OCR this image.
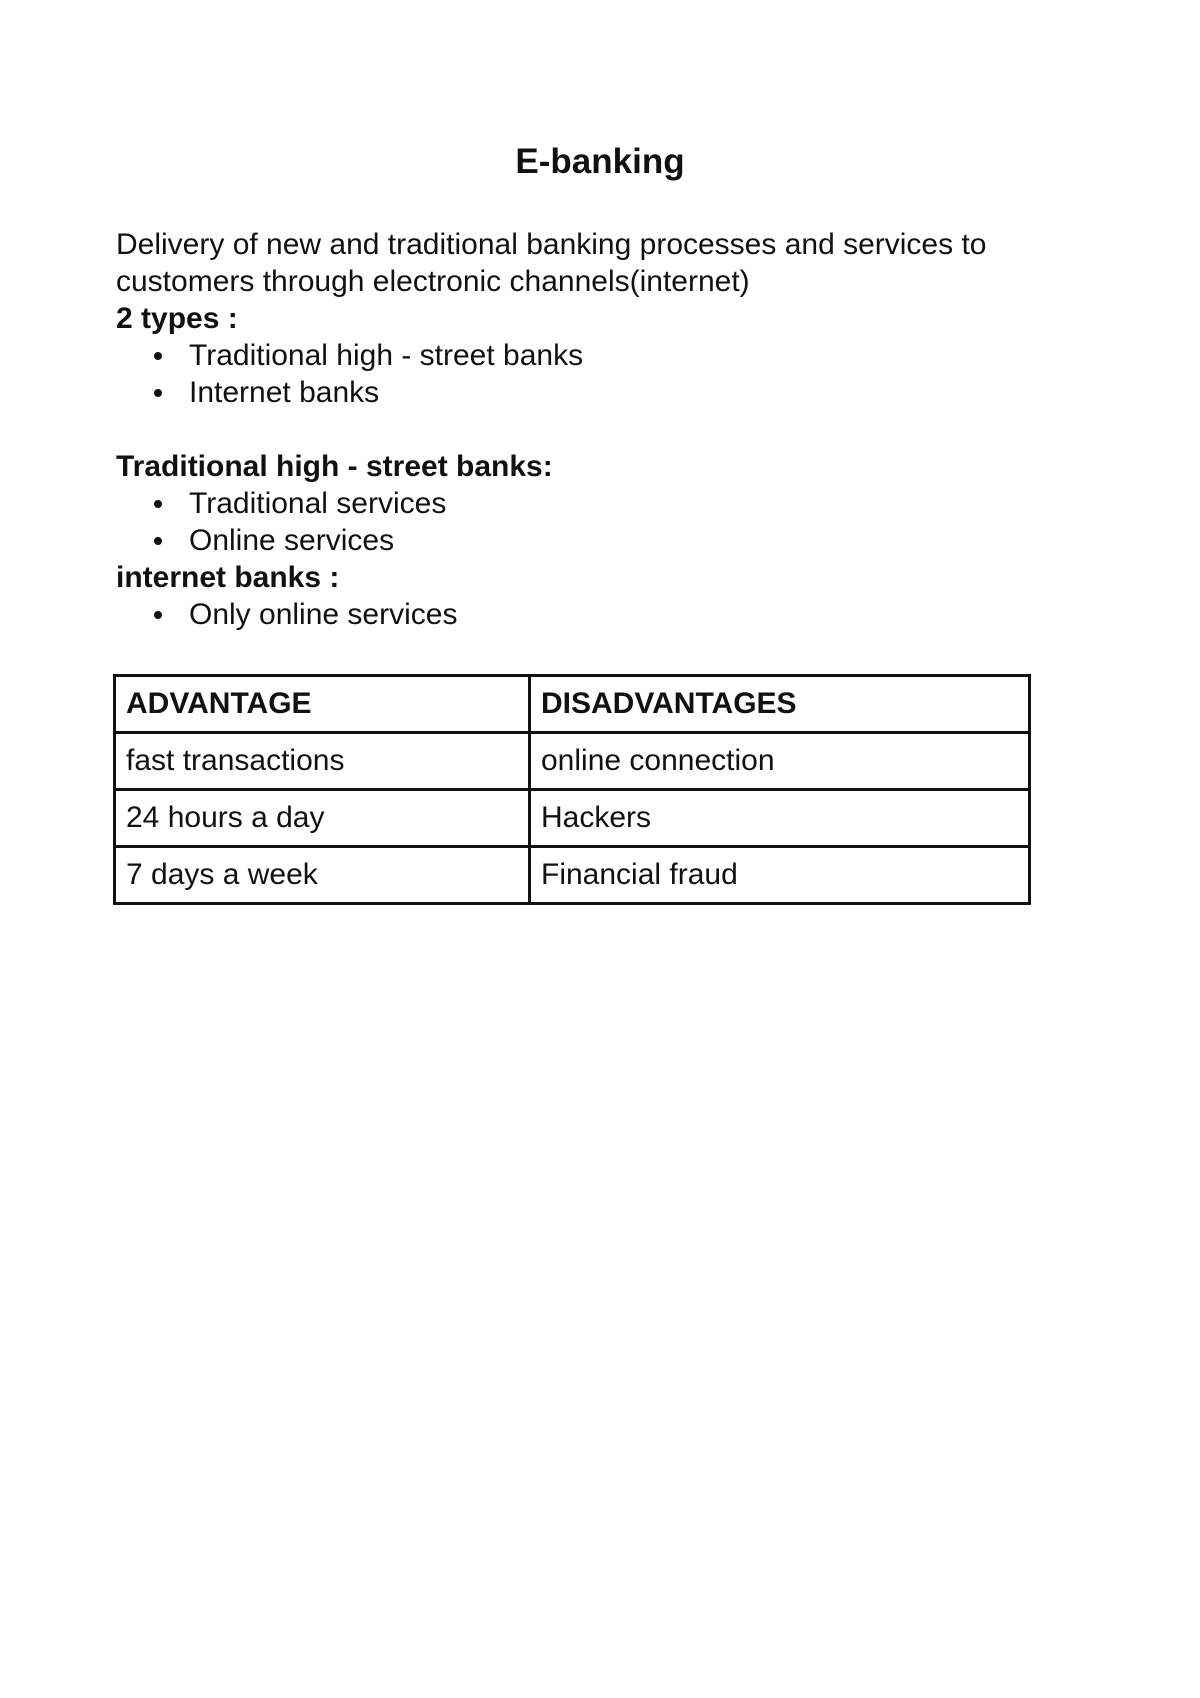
E-banking

Delivery of new and traditional banking processes and services to customers through electronic channels(internet)

2 types :

Traditional high - street banks
Internet banks

Traditional high - street banks:

Traditional services
Online services

internet banks :

Only online services
ADVANTAGE	DISADVANTAGES
fast transactions	online connection
24 hours a day	Hackers
7 days a week	Financial fraud
